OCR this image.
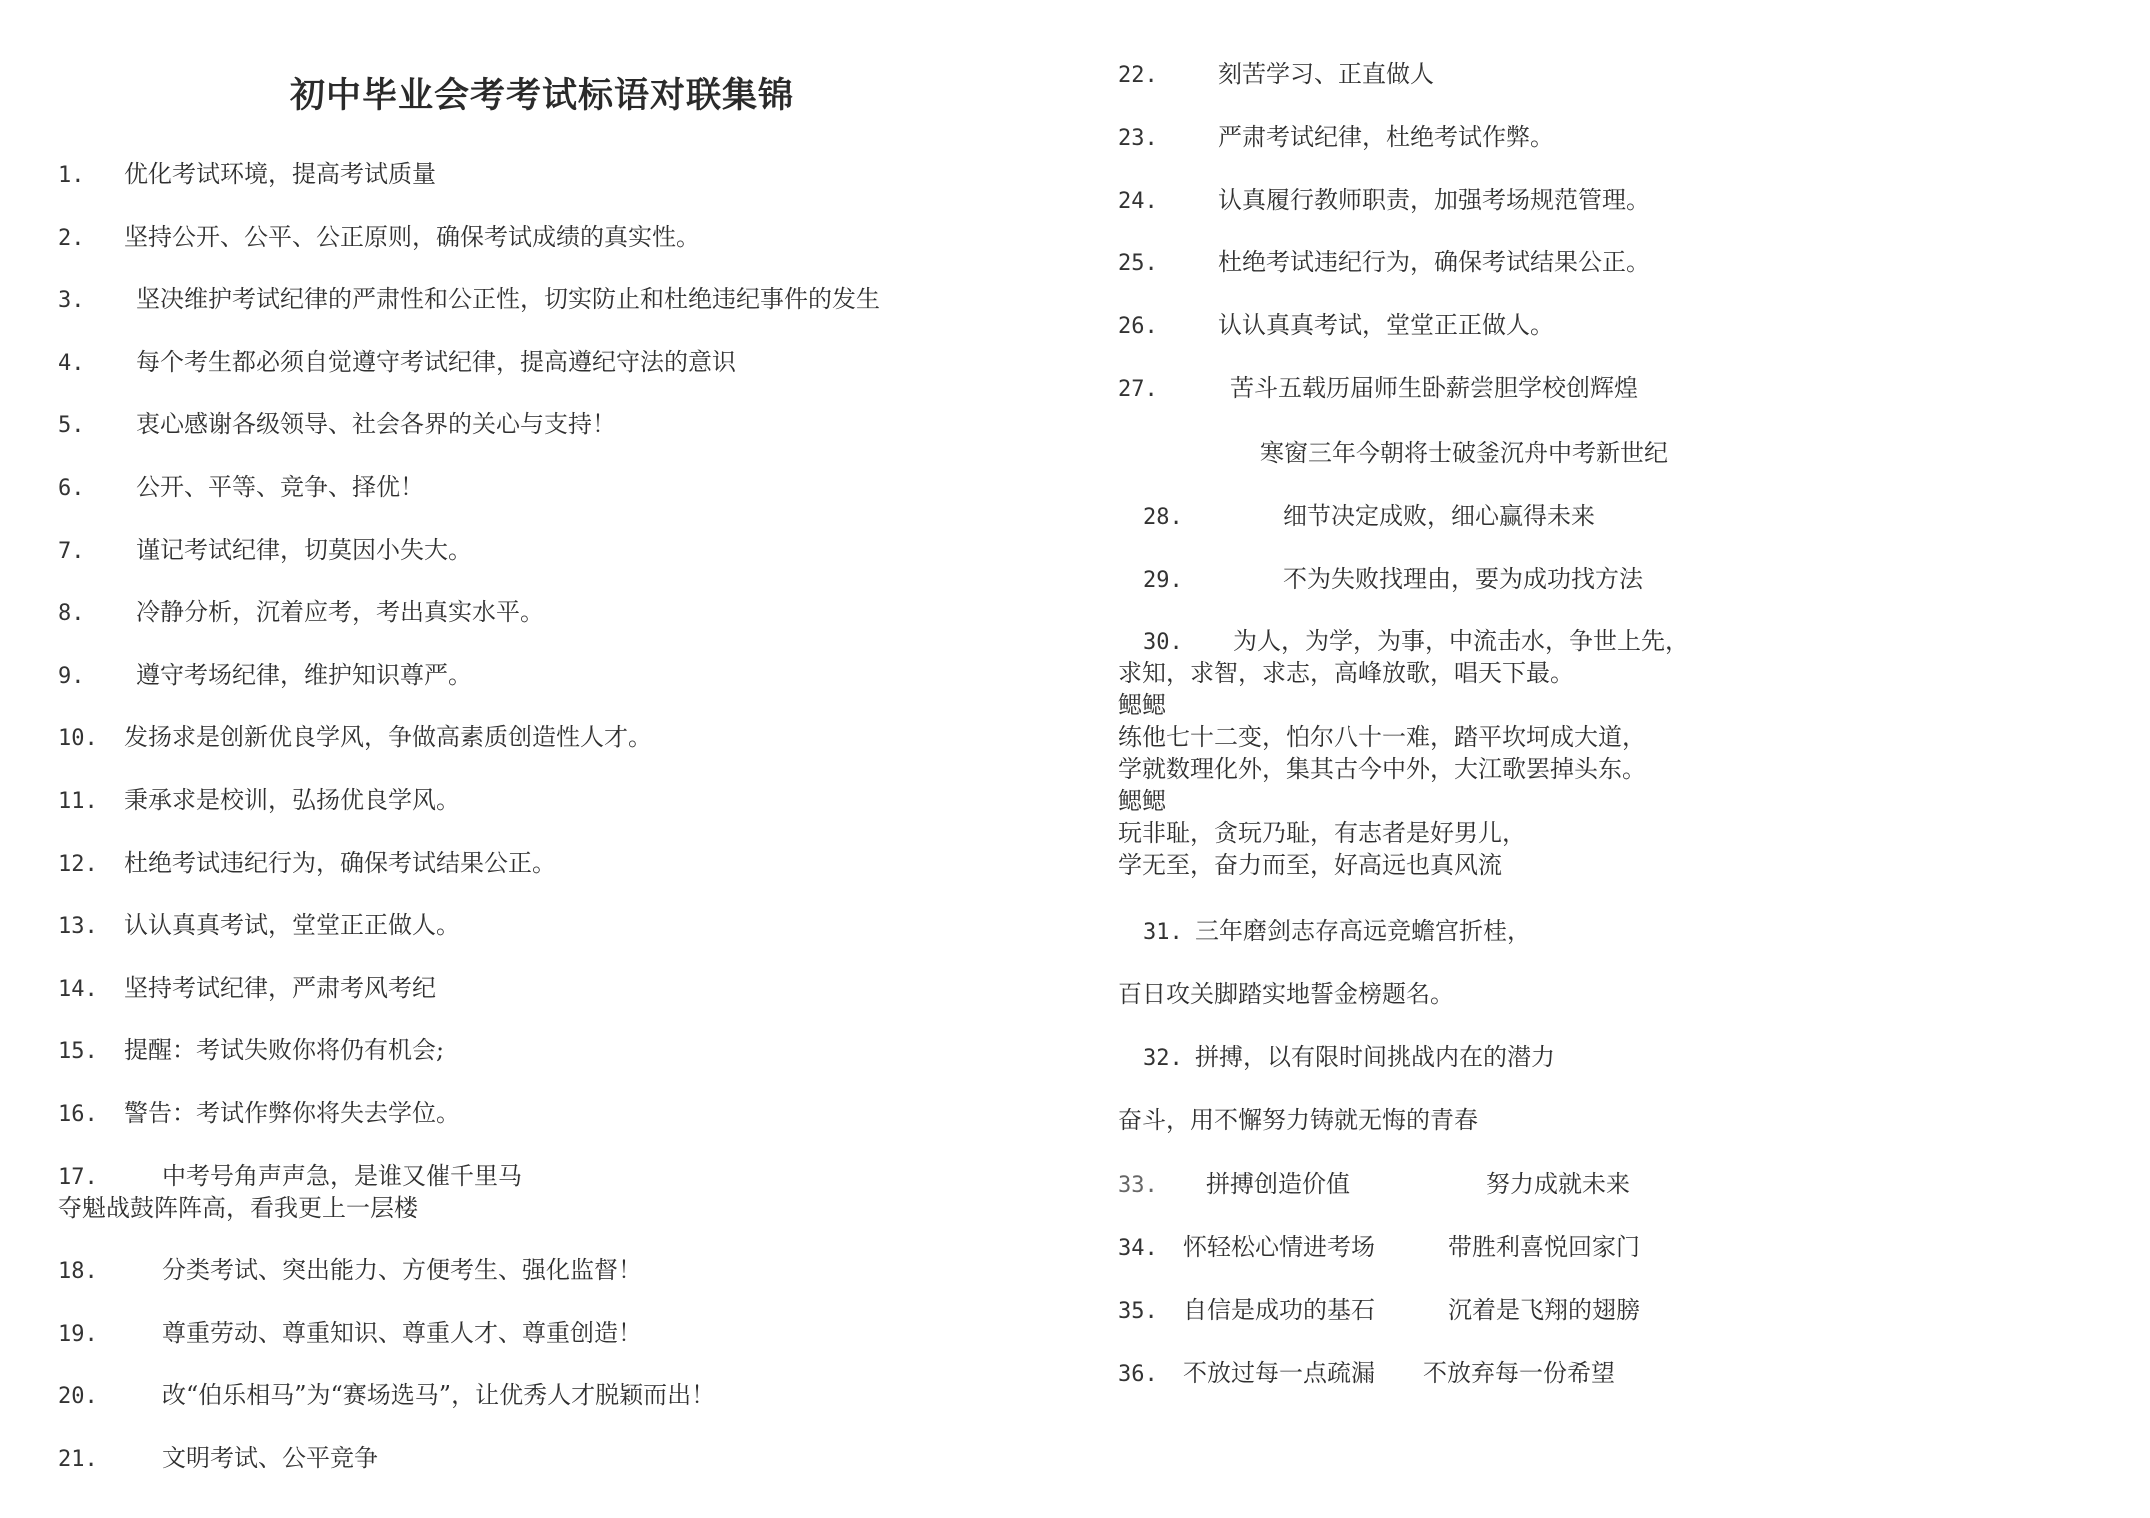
初中毕业会考考试标语对联集锦
1. 优化考试环境，提高考试质量
2. 坚持公开、公平、公正原则，确保考试成绩的真实性。
3. 坚决维护考试纪律的严肃性和公正性，切实防止和杜绝违纪事件的发生
4. 每个考生都必须自觉遵守考试纪律，提高遵纪守法的意识
5. 衷心感谢各级领导、社会各界的关心与支持！
6. 公开、平等、竞争、择优！
7. 谨记考试纪律，切莫因小失大。
8. 冷静分析，沉着应考，考出真实水平。
9. 遵守考场纪律，维护知识尊严。
10. 发扬求是创新优良学风，争做高素质创造性人才。
11. 秉承求是校训，弘扬优良学风。
12. 杜绝考试违纪行为，确保考试结果公正。
13. 认认真真考试，堂堂正正做人。
14. 坚持考试纪律，严肃考风考纪
15. 提醒：考试失败你将仍有机会;
16. 警告：考试作弊你将失去学位。
17.	中考号角声声急，是谁又催千里马
夺魁战鼓阵阵高，看我更上一层楼
18.	分类考试、突出能力、方便考生、强化监督！
19.	尊重劳动、尊重知识、尊重人才、尊重创造！
20.	改“伯乐相马”为“赛场选马”，让优秀人才脱颖而出！
21.	文明考试、公平竞争
22.	刻苦学习、正直做人
23.	严肃考试纪律，杜绝考试作弊。
24.	认真履行教师职责，加强考场规范管理。
25.	杜绝考试违纪行为，确保考试结果公正。
26.	认认真真考试，堂堂正正做人。
27.	苦斗五载历届师生卧薪尝胆学校创辉煌
寒窗三年今朝将士破釜沉舟中考新世纪
28.	细节决定成败，细心赢得未来
29.	不为失败找理由，要为成功找方法
30. 为人，为学，为事，中流击水，争世上先，
求知，求智，求志，高峰放歌，唱天下最。
鳃鳃
练他七十二变，怕尔八十一难，踏平坎坷成大道，
学就数理化外，集其古今中外，大江歌罢掉头东。
鳃鳃
玩非耻，贪玩乃耻，有志者是好男儿，
学无至，奋力而至，好高远也真风流
31. 三年磨剑志存高远竞蟾宫折桂，
百日攻关脚踏实地誓金榜题名。
32. 拼搏，以有限时间挑战内在的潜力
奋斗，用不懈努力铸就无悔的青春
33. 拼搏创造价值	努力成就未来
34. 怀轻松心情进考场	带胜利喜悦回家门
35. 自信是成功的基石	沉着是飞翔的翅膀
36. 不放过每一点疏漏 不放弃每一份希望
